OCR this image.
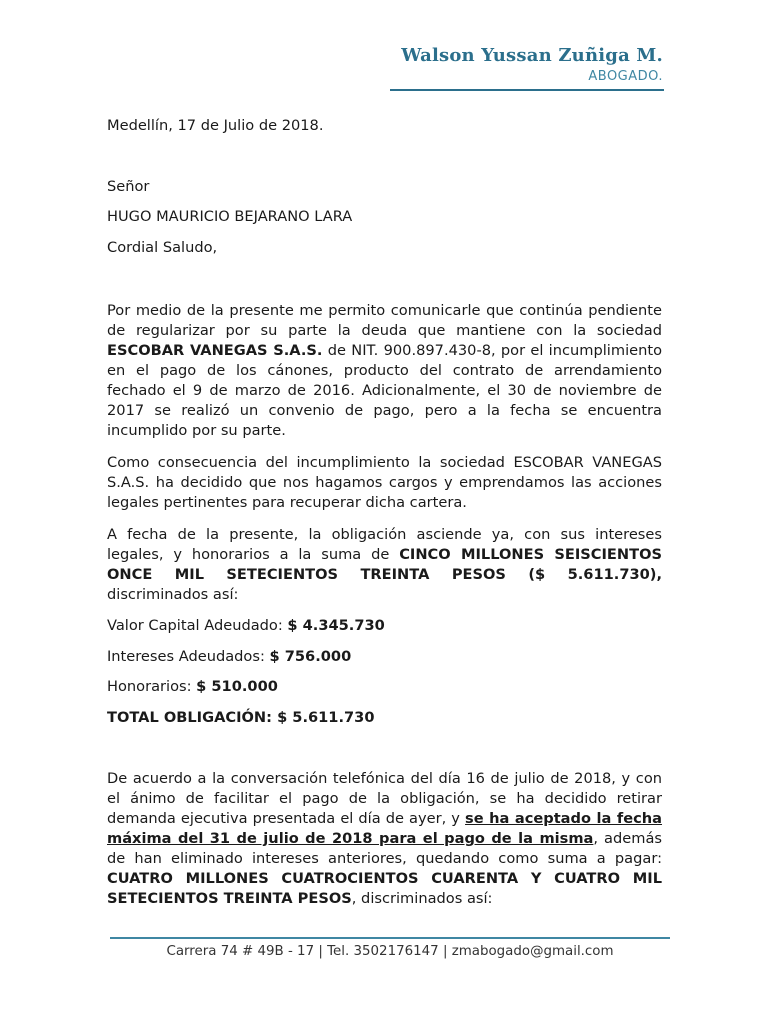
Walson Yussan Zuñiga M.
ABOGADO.
Medellín, 17 de Julio de 2018.
Señor
HUGO MAURICIO BEJARANO LARA
Cordial Saludo,
Por medio de la presente me permito comunicarle que continúa pendiente de regularizar por su parte la deuda que mantiene con la sociedad ESCOBAR VANEGAS S.A.S. de NIT. 900.897.430-8, por el incumplimiento en el pago de los cánones, producto del contrato de arrendamiento fechado el 9 de marzo de 2016. Adicionalmente, el 30 de noviembre de 2017 se realizó un convenio de pago, pero a la fecha se encuentra incumplido por su parte.
Como consecuencia del incumplimiento la sociedad ESCOBAR VANEGAS S.A.S. ha decidido que nos hagamos cargos y emprendamos las acciones legales pertinentes para recuperar dicha cartera.
A fecha de la presente, la obligación asciende ya, con sus intereses legales, y honorarios a la suma de CINCO MILLONES SEISCIENTOS ONCE MIL SETECIENTOS TREINTA PESOS ($ 5.611.730), discriminados así:
Valor Capital Adeudado: $ 4.345.730
Intereses Adeudados: $ 756.000
Honorarios: $ 510.000
TOTAL OBLIGACIÓN: $ 5.611.730
De acuerdo a la conversación telefónica del día 16 de julio de 2018, y con el ánimo de facilitar el pago de la obligación, se ha decidido retirar demanda ejecutiva presentada el día de ayer, y se ha aceptado la fecha máxima del 31 de julio de 2018 para el pago de la misma, además de han eliminado intereses anteriores, quedando como suma a pagar: CUATRO MILLONES CUATROCIENTOS CUARENTA Y CUATRO MIL SETECIENTOS TREINTA PESOS, discriminados así:
Carrera 74 # 49B - 17 | Tel. 3502176147 | zmabogado@gmail.com
